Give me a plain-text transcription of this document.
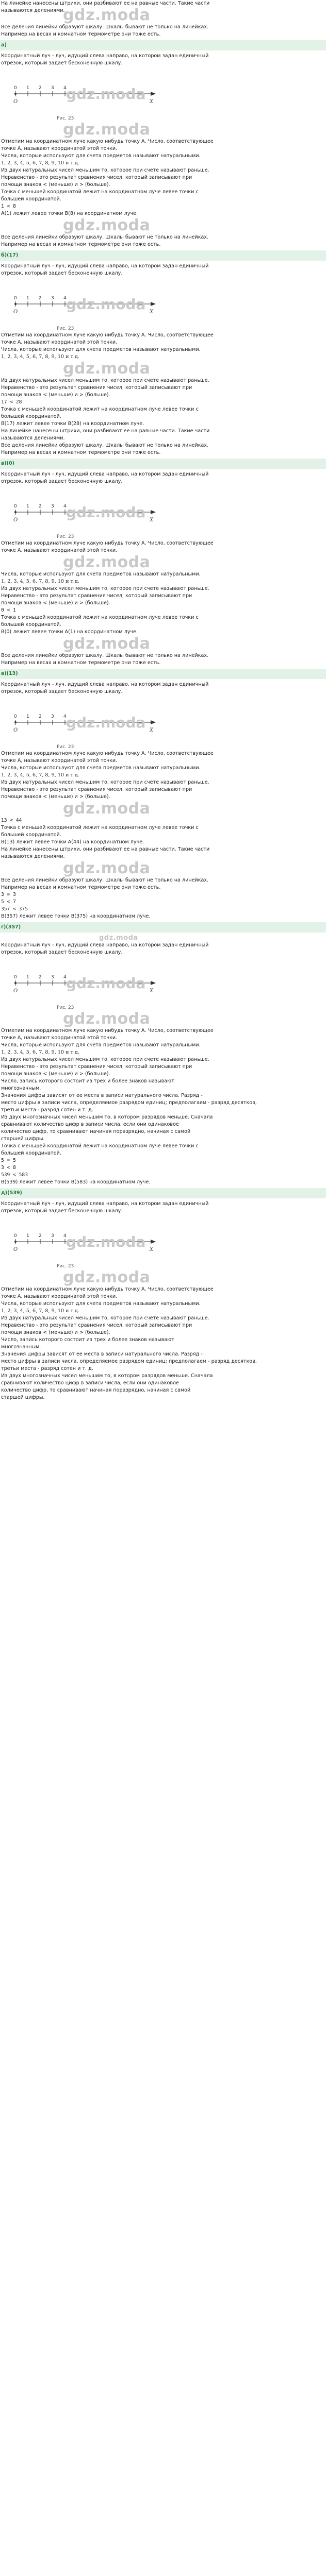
На линейке нанесены штрихи, они разбивают ее на равные части. Такие части
называются делениями.
gdz.moda
Все деления линейки образуют шкалу. Шкалы бывают не только на линейках.
Например на весах и комнатном термометре они тоже есть.
а)
Координатный луч - луч, идущий слева направо, на котором задан единичный
отрезок, который задает бесконечную шкалу.
0 1 2 3 4
O	X
gdz.moda
Рис. 23
gdz.moda
Отметим на координатном луче какую нибудь точку А. Число, соответствующее
точке А, называют координатой этой точки.
Числа, которые используют для счета предметов называют натуральными.
1, 2, 3, 4, 5, 6, 7, 8, 9, 10 и т.д.
Из двух натуральных чисел меньшим то, которое при счете называют раньше.
Неравенство - это результат сравнения чисел, который записывают при
помощи знаков < (меньше) и > (больше).
Точка с меньшей координатой лежит на координатном луче левее точки с
большей координатой.
1 < 8
А(1) лежит левее точки B(8) на координатном луче.
gdz.moda
Все деления линейки образуют шкалу. Шкалы бывают не только на линейках.
Например на весах и комнатном термометре они тоже есть.
б)(17)
Координатный луч - луч, идущий слева направо, на котором задан единичный
отрезок, который задает бесконечную шкалу.
0 1 2 3 4
O	X
gdz.moda
Рис. 23
Отметим на координатном луче какую нибудь точку А. Число, соответствующее
точке А, называют координатой этой точки.
Числа, которые используют для счета предметов называют натуральными.
1, 2, 3, 4, 5, 6, 7, 8, 9, 10 и т.д.
gdz.moda
Из двух натуральных чисел меньшим то, которое при счете называют раньше.
Неравенство - это результат сравнения чисел, который записывают при
помощи знаков < (меньше) и > (больше).
17 < 28
Точка с меньшей координатой лежит на координатном луче левее точки с
большей координатой.
В(17) лежит левее точки B(28) на координатном луче.
На линейке нанесены штрихи, они разбивают ее на равные части. Такие части
называются делениями.
Все деления линейки образуют шкалу. Шкалы бывают не только на линейках.
Например на весах и комнатном термометре они тоже есть.
в)(0)
Координатный луч - луч, идущий слева направо, на котором задан единичный
отрезок, который задает бесконечную шкалу.
0 1 2 3 4
O	X
gdz.moda
Рис. 23
Отметим на координатном луче какую нибудь точку А. Число, соответствующее
точке А, называют координатой этой точки.
gdz.moda
Числа, которые используют для счета предметов называют натуральными.
1, 2, 3, 4, 5, 6, 7, 8, 9, 10 и т.д.
Из двух натуральных чисел меньшим то, которое при счете называют раньше.
Неравенство - это результат сравнения чисел, который записывают при
помощи знаков < (меньше) и > (больше).
0 < 1
Точка с меньшей координатой лежит на координатном луче левее точки с
большей координатой.
В(0) лежит левее точки A(1) на координатном луче.
gdz.moda
Все деления линейки образуют шкалу. Шкалы бывают не только на линейках.
Например на весах и комнатном термометре они тоже есть.
в)(13)
Координатный луч - луч, идущий слева направо, на котором задан единичный
отрезок, который задает бесконечную шкалу.
0 1 2 3 4
O	X
gdz.moda
Рис. 23
Отметим на координатном луче какую нибудь точку А. Число, соответствующее
точке А, называют координатой этой точки.
Числа, которые используют для счета предметов называют натуральными.
1, 2, 3, 4, 5, 6, 7, 8, 9, 10 и т.д.
Из двух натуральных чисел меньшим то, которое при счете называют раньше.
Неравенство - это результат сравнения чисел, который записывают при
помощи знаков < (меньше) и > (больше).
gdz.moda
13 < 44
Точка с меньшей координатой лежит на координатном луче левее точки с
большей координатой.
В(13) лежит левее точки A(44) на координатном луче.
На линейке нанесены штрихи, они разбивают ее на равные части. Такие части
называются делениями.
gdz.moda
Все деления линейки образуют шкалу. Шкалы бывают не только на линейках.
Например на весах и комнатном термометре они тоже есть.
3 = 3
5 < 7
357 < 375
В(357) лежит левее точки B(375) на координатном луче.
г)(357)
gdz.moda
Координатный луч - луч, идущий слева направо, на котором задан единичный
отрезок, который задает бесконечную шкалу.
0 1 2 3 4
O	X
gdz.moda
Рис. 23
gdz.moda
Отметим на координатном луче какую нибудь точку А. Число, соответствующее
точке А, называют координатой этой точки.
Числа, которые используют для счета предметов называют натуральными.
1, 2, 3, 4, 5, 6, 7, 8, 9, 10 и т.д.
Из двух натуральных чисел меньшим то, которое при счете называют раньше.
Неравенство - это результат сравнения чисел, который записывают при
помощи знаков < (меньше) и > (больше).
Число, запись которого состоит из трех и более знаков называют
многозначным.
Значения цифры зависят от ее места в записи натурального числа. Разряд -
место цифры в записи числа, определяемое разрядом единиц; предполагаем - разряд десятков,
третьи места - разряд сотен и т. д.
Из двух многозначных чисел меньшим то, в котором разрядов меньше. Сначала
сравнивают количество цифр в записи числа, если они одинаковое
количество цифр, то сравнивают начиная поразрядно, начиная с самой
старшей цифры.
Точка с меньшей координатой лежит на координатном луче левее точки с
большей координатой.
5 = 5
3 < 8
539 < 583
В(539) лежит левее точки B(583) на координатном луче.
д)(539)
Координатный луч - луч, идущий слева направо, на котором задан единичный
отрезок, который задает бесконечную шкалу.
0 1 2 3 4
O	X
gdz.moda
Рис. 23
gdz.moda
Отметим на координатном луче какую нибудь точку А. Число, соответствующее
точке А, называют координатой этой точки.
Числа, которые используют для счета предметов называют натуральными.
1, 2, 3, 4, 5, 6, 7, 8, 9, 10 и т.д.
Из двух натуральных чисел меньшим то, которое при счете называют раньше.
Неравенство - это результат сравнения чисел, который записывают при
помощи знаков < (меньше) и > (больше).
Число, запись которого состоит из трех и более знаков называют
многозначным.
Значения цифры зависят от ее места в записи натурального числа. Разряд -
место цифры в записи числа, определяемое разрядом единиц; предполагаем - разряд десятков,
третьи места - разряд сотен и т. д.
Из двух многозначных чисел меньшим то, в котором разрядов меньше. Сначала
сравнивают количество цифр в записи числа, если они одинаковое
количество цифр, то сравнивают начиная поразрядно, начиная с самой
старшей цифры.
